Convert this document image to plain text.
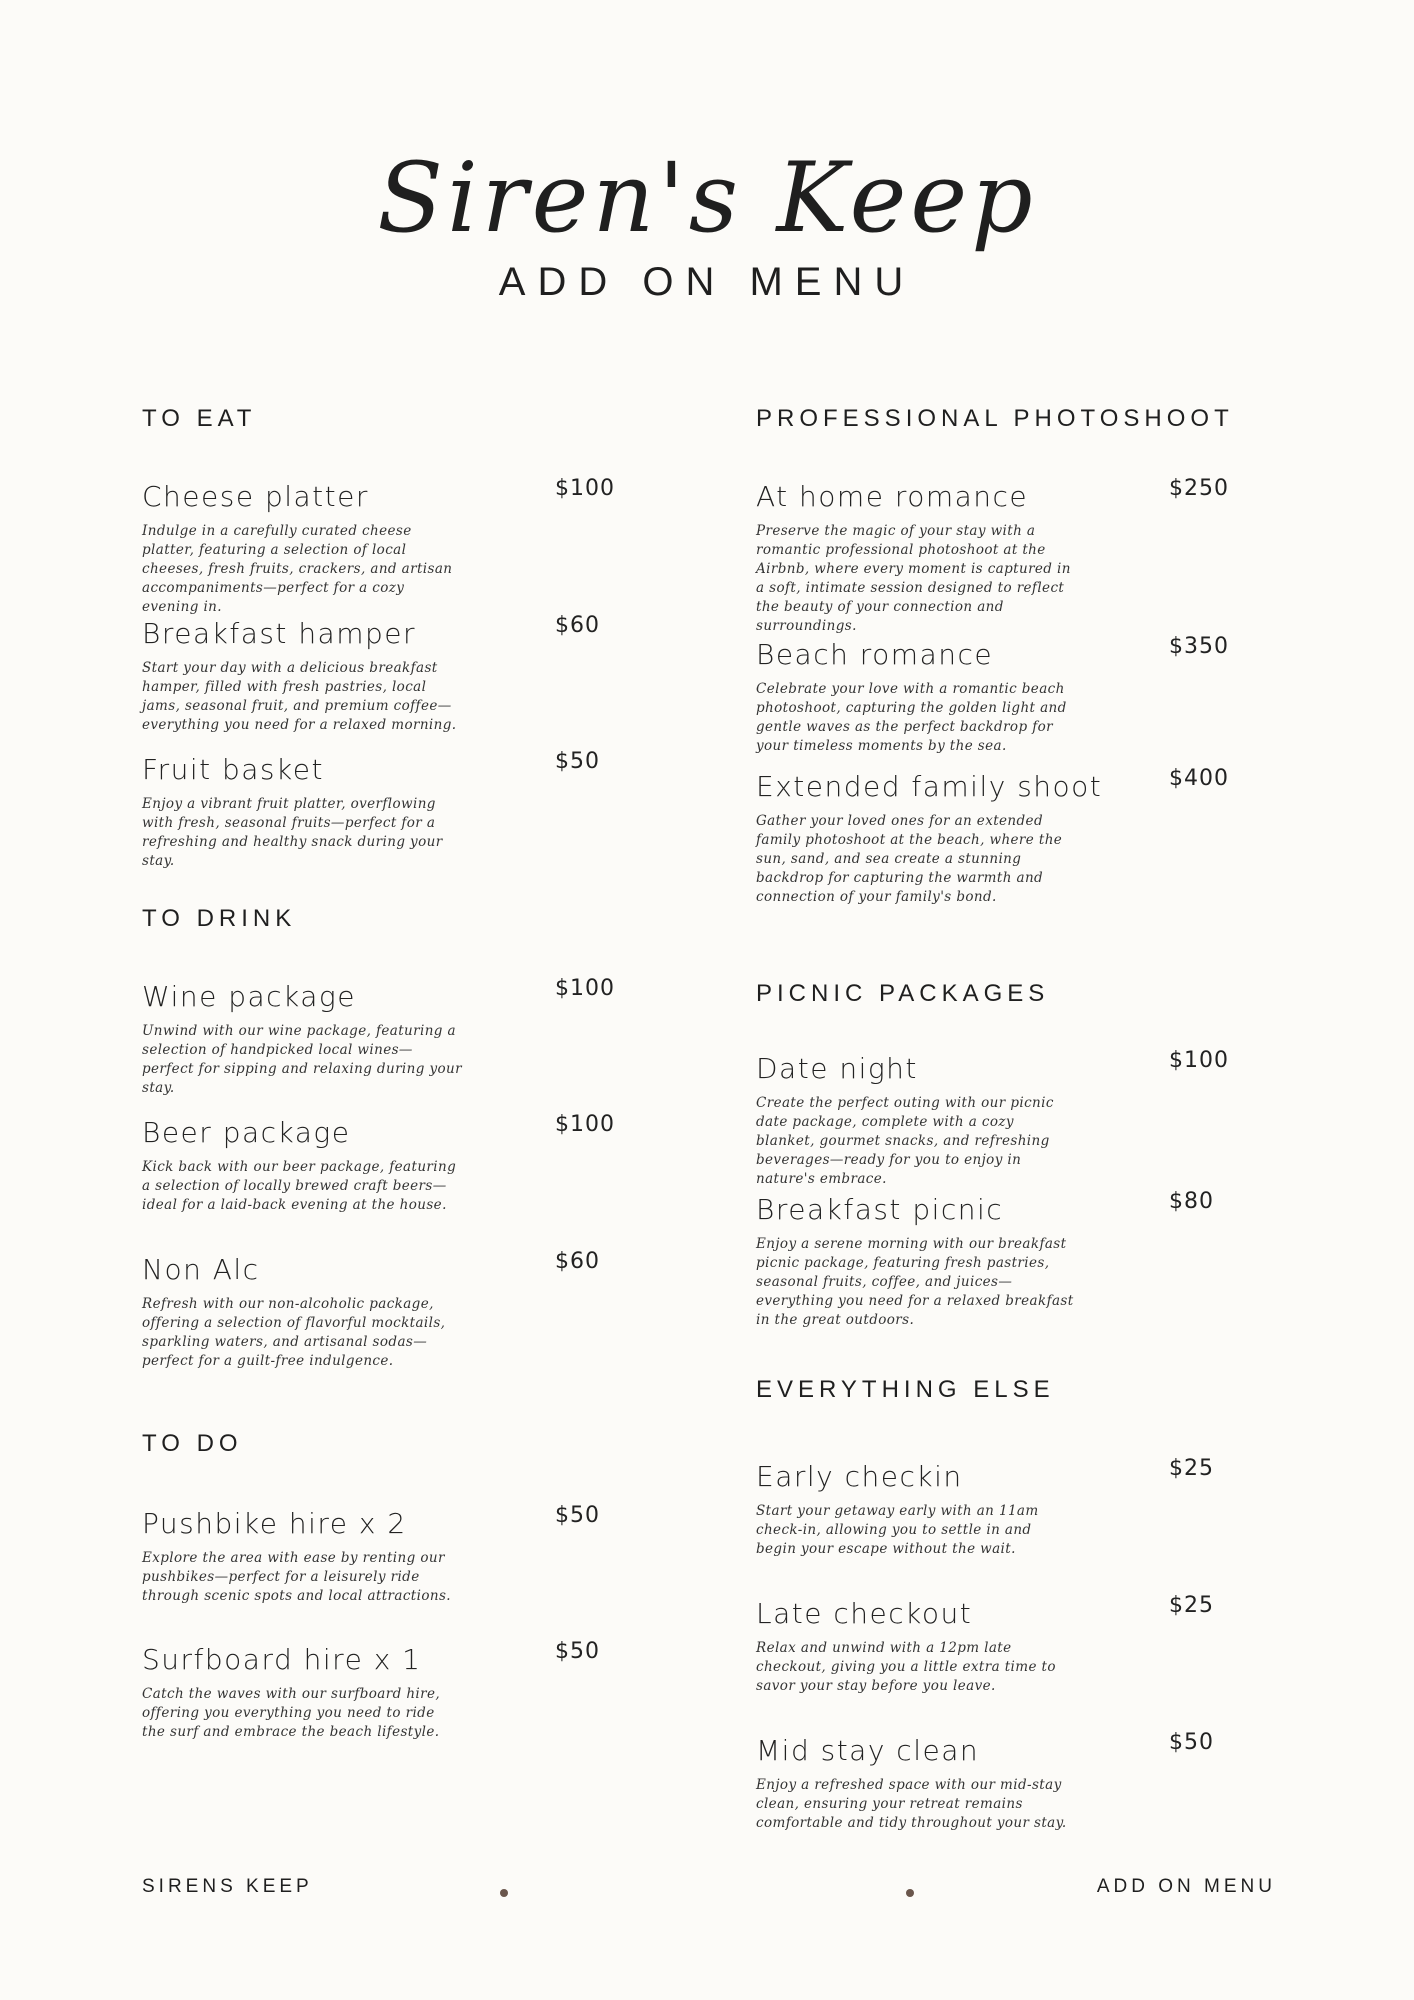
Siren's Keep
ADD ON MENU
TO EAT
Cheese platter	$100
Indulge in a carefully curated cheese platter, featuring a selection of local cheeses, fresh fruits, crackers, and artisan accompaniments—perfect for a cozy evening in.
Breakfast hamper	$60
Start your day with a delicious breakfast hamper, filled with fresh pastries, local jams, seasonal fruit, and premium coffee—everything you need for a relaxed morning.
Fruit basket	$50
Enjoy a vibrant fruit platter, overflowing with fresh, seasonal fruits—perfect for a refreshing and healthy snack during your stay.
TO DRINK
Wine package	$100
Unwind with our wine package, featuring a selection of handpicked local wines—perfect for sipping and relaxing during your stay.
Beer package	$100
Kick back with our beer package, featuring a selection of locally brewed craft beers—ideal for a laid-back evening at the house.
Non Alc	$60
Refresh with our non-alcoholic package, offering a selection of flavorful mocktails, sparkling waters, and artisanal sodas—perfect for a guilt-free indulgence.
TO DO
Pushbike hire x 2	$50
Explore the area with ease by renting our pushbikes—perfect for a leisurely ride through scenic spots and local attractions.
Surfboard hire x 1	$50
Catch the waves with our surfboard hire, offering you everything you need to ride the surf and embrace the beach lifestyle.
PROFESSIONAL PHOTOSHOOT
At home romance	$250
Preserve the magic of your stay with a romantic professional photoshoot at the Airbnb, where every moment is captured in a soft, intimate session designed to reflect the beauty of your connection and surroundings.
Beach romance	$350
Celebrate your love with a romantic beach photoshoot, capturing the golden light and gentle waves as the perfect backdrop for your timeless moments by the sea.
Extended family shoot	$400
Gather your loved ones for an extended family photoshoot at the beach, where the sun, sand, and sea create a stunning backdrop for capturing the warmth and connection of your family's bond.
PICNIC PACKAGES
Date night	$100
Create the perfect outing with our picnic date package, complete with a cozy blanket, gourmet snacks, and refreshing beverages—ready for you to enjoy in nature's embrace.
Breakfast picnic	$80
Enjoy a serene morning with our breakfast picnic package, featuring fresh pastries, seasonal fruits, coffee, and juices—everything you need for a relaxed breakfast in the great outdoors.
EVERYTHING ELSE
Early checkin	$25
Start your getaway early with an 11am check-in, allowing you to settle in and begin your escape without the wait.
Late checkout	$25
Relax and unwind with a 12pm late checkout, giving you a little extra time to savor your stay before you leave.
Mid stay clean	$50
Enjoy a refreshed space with our mid-stay clean, ensuring your retreat remains comfortable and tidy throughout your stay.
SIRENS KEEP	ADD ON MENU
